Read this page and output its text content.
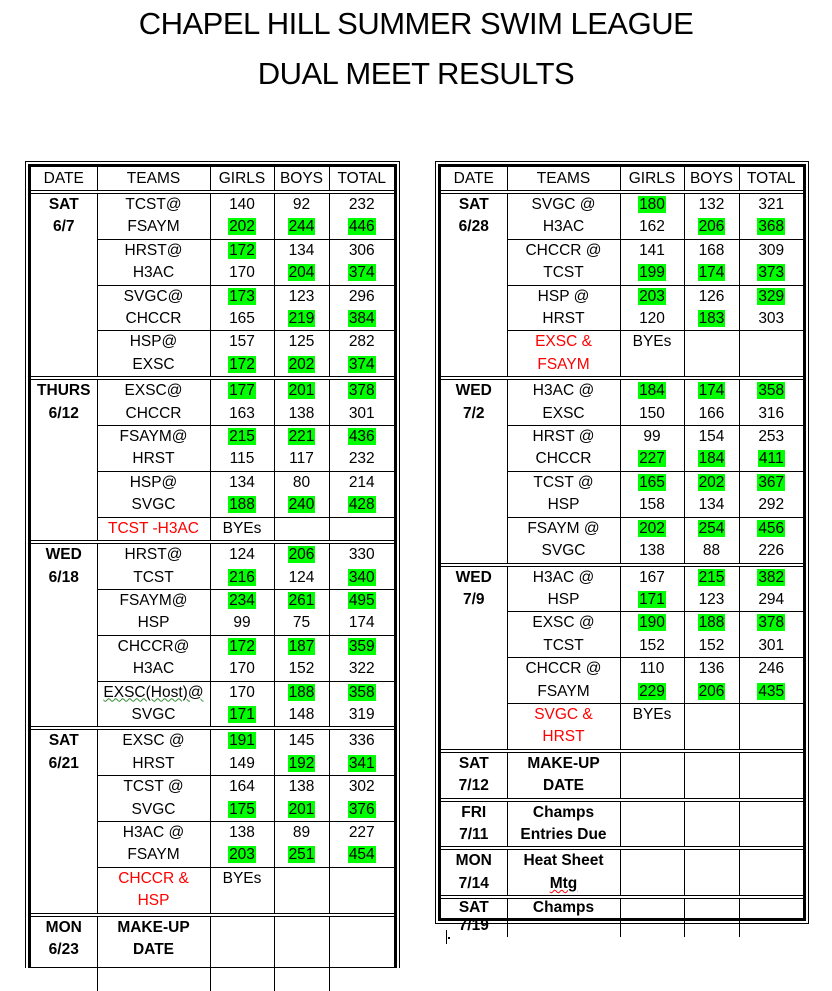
CHAPEL HILL SUMMER SWIM LEAGUE
DUAL MEET RESULTS
DATE	TEAMS	GIRLS	BOYS	TOTAL
SAT	TCST@	140	92	232
6/7	FSAYM	202	244	446
	HRST@	172	134	306
	H3AC	170	204	374
	SVGC@	173	123	296
	CHCCR	165	219	384
	HSP@	157	125	282
	EXSC	172	202	374
THURS	EXSC@	177	201	378
6/12	CHCCR	163	138	301
	FSAYM@	215	221	436
	HRST	115	117	232
	HSP@	134	80	214
	SVGC	188	240	428
	TCST -H3AC	BYEs		
WED	HRST@	124	206	330
6/18	TCST	216	124	340
	FSAYM@	234	261	495
	HSP	99	75	174
	CHCCR@	172	187	359
	H3AC	170	152	322
	EXSC(Host)@	170	188	358
	SVGC	171	148	319
SAT	EXSC @	191	145	336
6/21	HRST	149	192	341
	TCST @	164	138	302
	SVGC	175	201	376
	H3AC @	138	89	227
	FSAYM	203	251	454
	CHCCR &	BYEs		
	HSP			
MON	MAKE-UP			
6/23	DATE			

DATE	TEAMS	GIRLS	BOYS	TOTAL
SAT	SVGC @	180	132	321
6/28	H3AC	162	206	368
	CHCCR @	141	168	309
	TCST	199	174	373
	HSP @	203	126	329
	HRST	120	183	303
	EXSC &	BYEs		
	FSAYM			
WED	H3AC @	184	174	358
7/2	EXSC	150	166	316
	HRST @	99	154	253
	CHCCR	227	184	411
	TCST @	165	202	367
	HSP	158	134	292
	FSAYM @	202	254	456
	SVGC	138	88	226
WED	H3AC @	167	215	382
7/9	HSP	171	123	294
	EXSC @	190	188	378
	TCST	152	152	301
	CHCCR @	110	136	246
	FSAYM	229	206	435
	SVGC &	BYEs		
	HRST			
SAT	MAKE-UP			
7/12	DATE			
FRI	Champs			
7/11	Entries Due			
MON	Heat Sheet			
7/14	Mtg			
SAT	Champs			
7/19				
